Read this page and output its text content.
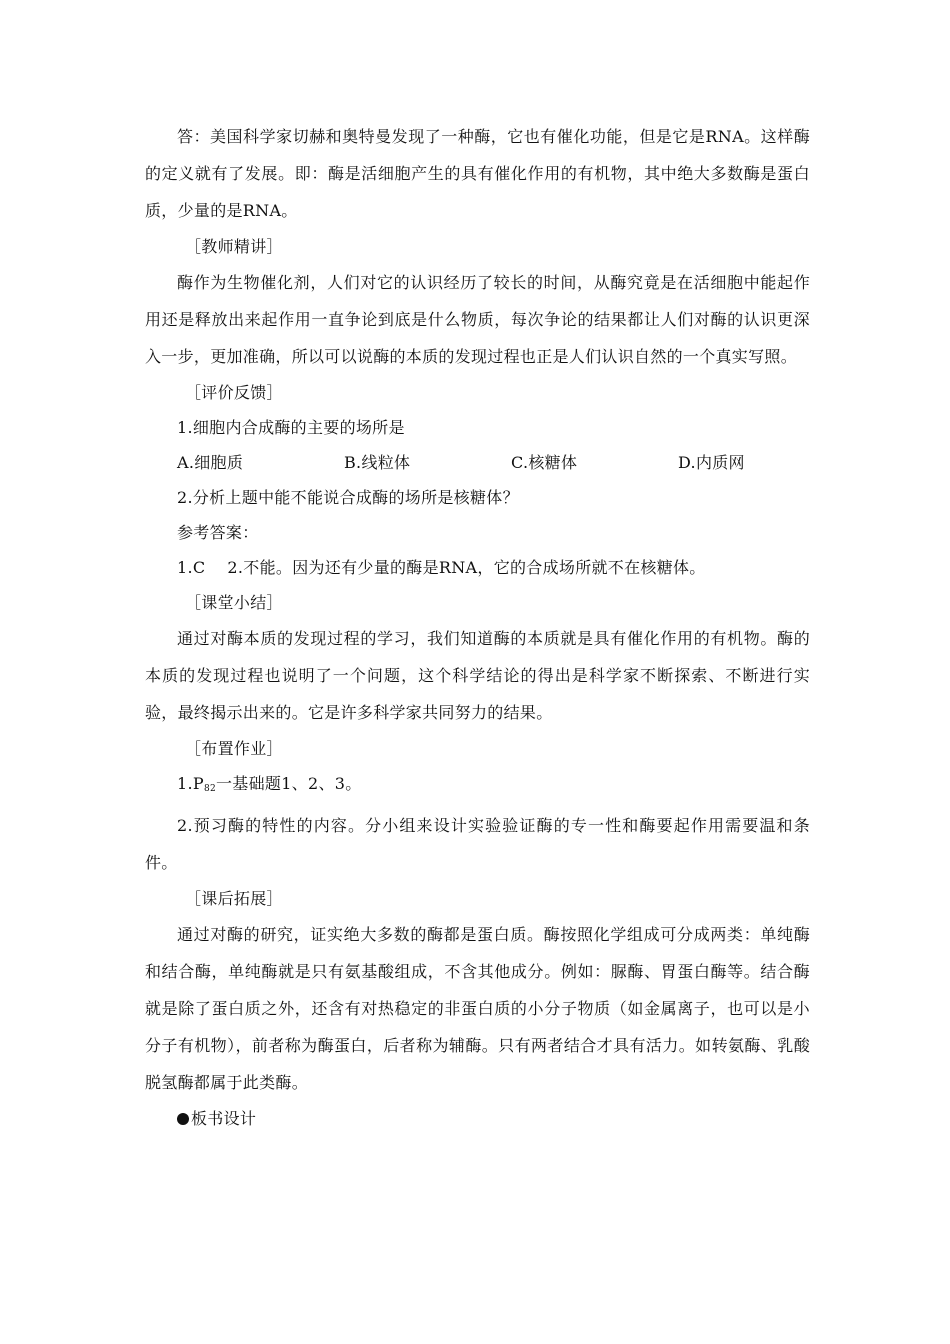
答：美国科学家切赫和奥特曼发现了一种酶，它也有催化功能，但是它是RNA。这样酶的定义就有了发展。即：酶是活细胞产生的具有催化作用的有机物，其中绝大多数酶是蛋白质，少量的是RNA。

［教师精讲］

酶作为生物催化剂，人们对它的认识经历了较长的时间，从酶究竟是在活细胞中能起作用还是释放出来起作用一直争论到底是什么物质，每次争论的结果都让人们对酶的认识更深入一步，更加准确，所以可以说酶的本质的发现过程也正是人们认识自然的一个真实写照。

［评价反馈］

1.细胞内合成酶的主要的场所是

A.细胞质	B.线粒体	C.核糖体	D.内质网

2.分析上题中能不能说合成酶的场所是核糖体？

参考答案：

1.C 2.不能。因为还有少量的酶是RNA，它的合成场所就不在核糖体。

［课堂小结］

通过对酶本质的发现过程的学习，我们知道酶的本质就是具有催化作用的有机物。酶的本质的发现过程也说明了一个问题，这个科学结论的得出是科学家不断探索、不断进行实验，最终揭示出来的。它是许多科学家共同努力的结果。

［布置作业］

$1.P_{82}$一基础题1、2、3。

2.预习酶的特性的内容。分小组来设计实验验证酶的专一性和酶要起作用需要温和条件。

［课后拓展］

通过对酶的研究，证实绝大多数的酶都是蛋白质。酶按照化学组成可分成两类：单纯酶和结合酶，单纯酶就是只有氨基酸组成，不含其他成分。例如：脲酶、胃蛋白酶等。结合酶就是除了蛋白质之外，还含有对热稳定的非蛋白质的小分子物质（如金属离子，也可以是小分子有机物），前者称为酶蛋白，后者称为辅酶。只有两者结合才具有活力。如转氨酶、乳酸脱氢酶都属于此类酶。

板书设计
